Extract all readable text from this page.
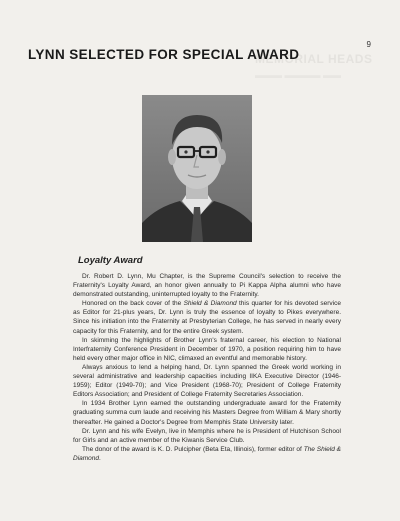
9
MEMORIAL HEADS
▬▬▬ ▬▬▬▬ ▬▬
LYNN SELECTED FOR SPECIAL AWARD
Loyalty Award

Dr. Robert D. Lynn, Mu Chapter, is the Supreme Council's selection to receive the Fraternity's Loyalty Award, an honor given annually to Pi Kappa Alpha alumni who have demonstrated outstanding, uninterrupted loyalty to the Fraternity.

Honored on the back cover of the Shield & Diamond this quarter for his devoted service as Editor for 21-plus years, Dr. Lynn is truly the essence of loyalty to Pikes everywhere. Since his initiation into the Fraternity at Presbyterian College, he has served in nearly every capacity for this Fraternity, and for the entire Greek system.

In skimming the highlights of Brother Lynn's fraternal career, his election to National Interfraternity Conference President in December of 1970, a position requiring him to have held every other major office in NIC, climaxed an eventful and memorable history.

Always anxious to lend a helping hand, Dr. Lynn spanned the Greek world working in several administrative and leadership capacities including IIKA Executive Director (1946-1959); Editor (1949-70); and Vice President (1968-70); President of College Fraternity Editors Association; and President of College Fraternity Secretaries Association.

In 1934 Brother Lynn earned the outstanding undergraduate award for the Fraternity graduating summa cum laude and receiving his Masters Degree from William & Mary shortly thereafter. He gained a Doctor's Degree from Memphis State University later.

Dr. Lynn and his wife Evelyn, live in Memphis where he is President of Hutchison School for Girls and an active member of the Kiwanis Service Club.

The donor of the award is K. D. Pulcipher (Beta Eta, Illinois), former editor of The Shield & Diamond.
